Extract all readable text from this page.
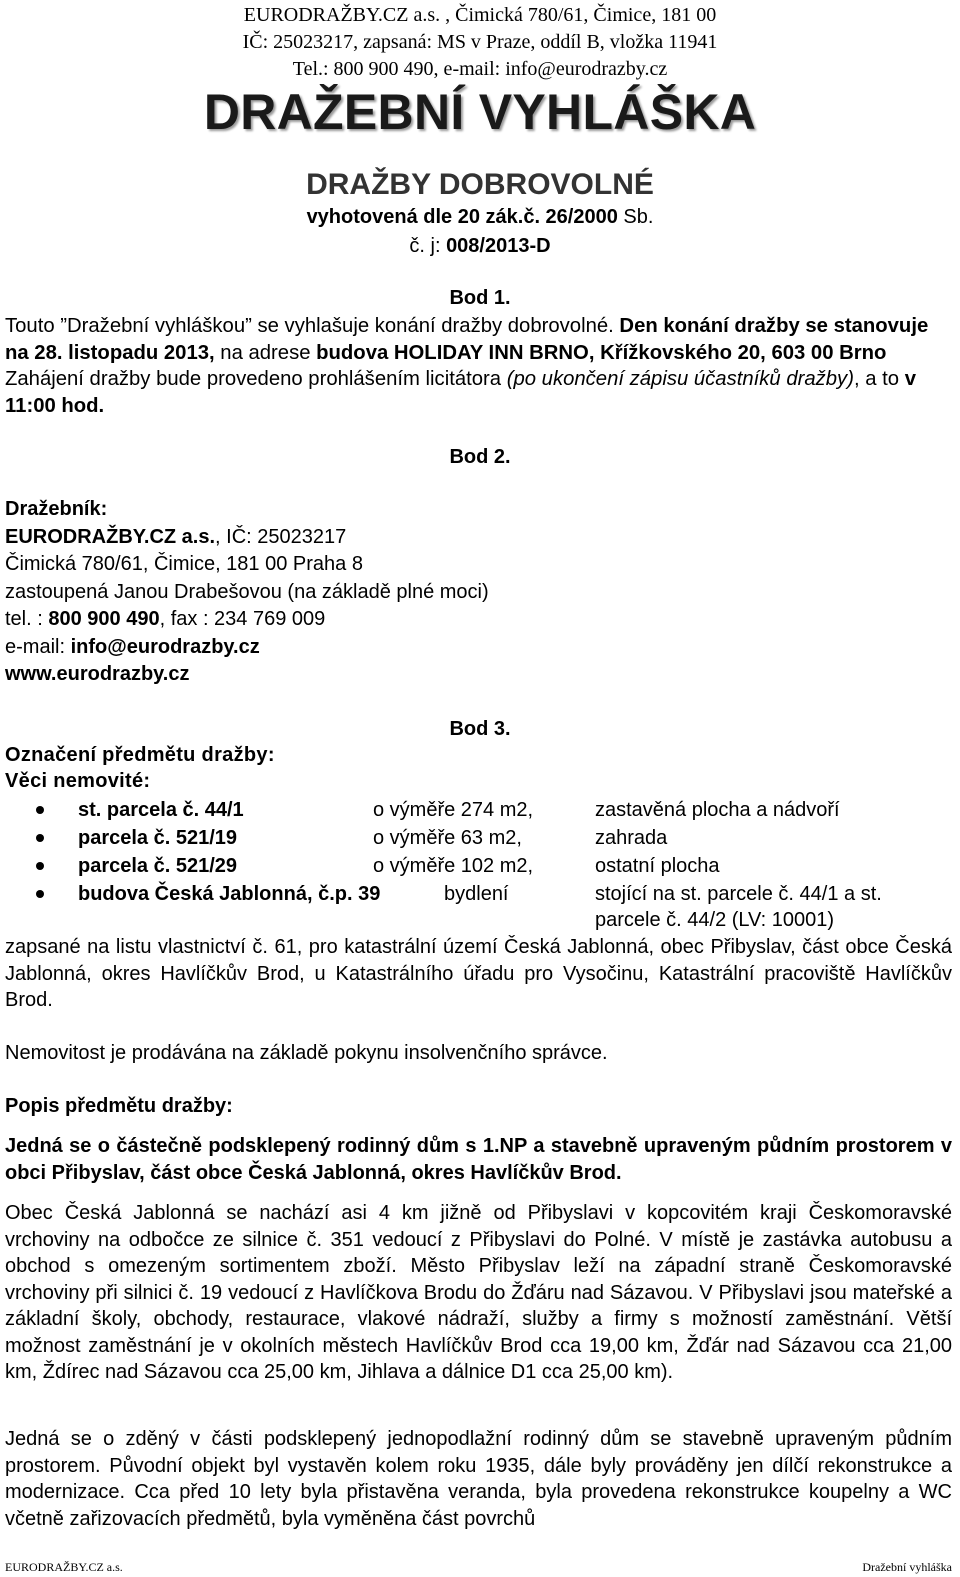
EURODRAŽBY.CZ a.s. , Čimická 780/61, Čimice, 181 00
IČ: 25023217, zapsaná: MS v Praze, oddíl B, vložka 11941
Tel.: 800 900 490, e-mail: info@eurodrazby.cz
DRAŽEBNÍ VYHLÁŠKA
DRAŽBY DOBROVOLNÉ
vyhotovená dle 20 zák.č. 26/2000 Sb.
č. j: 008/2013-D
Bod 1.
Touto ”Dražební vyhláškou” se vyhlašuje konání dražby dobrovolné. Den konání dražby se stanovuje na 28. listopadu 2013, na adrese budova HOLIDAY INN BRNO, Křížkovského 20, 603 00 Brno Zahájení dražby bude provedeno prohlášením licitátora (po ukončení zápisu účastníků dražby), a to v 11:00 hod.
Bod 2.
Dražebník:
EURODRAŽBY.CZ a.s., IČ: 25023217
Čimická 780/61, Čimice, 181 00 Praha 8
zastoupená Janou Drabešovou (na základě plné moci)
tel. : 800 900 490, fax : 234 769 009
e-mail: info@eurodrazby.cz
www.eurodrazby.cz
Bod 3.
Označení předmětu dražby:
Věci nemovité:
st. parcela č. 44/1	o výměře 274 m2,	zastavěná plocha a nádvoří
parcela č. 521/19	o výměře 63 m2,	zahrada
parcela č. 521/29	o výměře 102 m2,	ostatní plocha
budova Česká Jablonná, č.p. 39	bydlení	stojící na st. parcele č. 44/1 a st.
parcele č. 44/2 (LV: 10001)
zapsané na listu vlastnictví č. 61, pro katastrální území Česká Jablonná, obec Přibyslav, část obce Česká Jablonná, okres Havlíčkův Brod, u Katastrálního úřadu pro Vysočinu, Katastrální pracoviště Havlíčkův Brod.
Nemovitost je prodávána na základě pokynu insolvenčního správce.
Popis předmětu dražby:
Jedná se o částečně podsklepený rodinný dům s 1.NP a stavebně upraveným půdním prostorem v obci Přibyslav, část obce Česká Jablonná, okres Havlíčkův Brod.
Obec Česká Jablonná se nachází asi 4 km jižně od Přibyslavi v kopcovitém kraji Českomoravské vrchoviny na odbočce ze silnice č. 351 vedoucí z Přibyslavi do Polné. V místě je zastávka autobusu a obchod s omezeným sortimentem zboží. Město Přibyslav leží na západní straně Českomoravské vrchoviny při silnici č. 19 vedoucí z Havlíčkova Brodu do Žďáru nad Sázavou. V Přibyslavi jsou mateřské a základní školy, obchody, restaurace, vlakové nádraží, služby a firmy s možností zaměstnání. Větší možnost zaměstnání je v okolních městech Havlíčkův Brod cca 19,00 km, Žďár nad Sázavou cca 21,00 km, Ždírec nad Sázavou cca 25,00 km, Jihlava a dálnice D1 cca 25,00 km).
Jedná se o zděný v části podsklepený jednopodlažní rodinný dům se stavebně upraveným půdním prostorem. Původní objekt byl vystavěn kolem roku 1935, dále byly prováděny jen dílčí rekonstrukce a modernizace. Cca před 10 lety byla přistavěna veranda, byla provedena rekonstrukce koupelny a WC včetně zařizovacích předmětů, byla vyměněna část povrchů
EURODRAŽBY.CZ a.s.	Dražební vyhláška
